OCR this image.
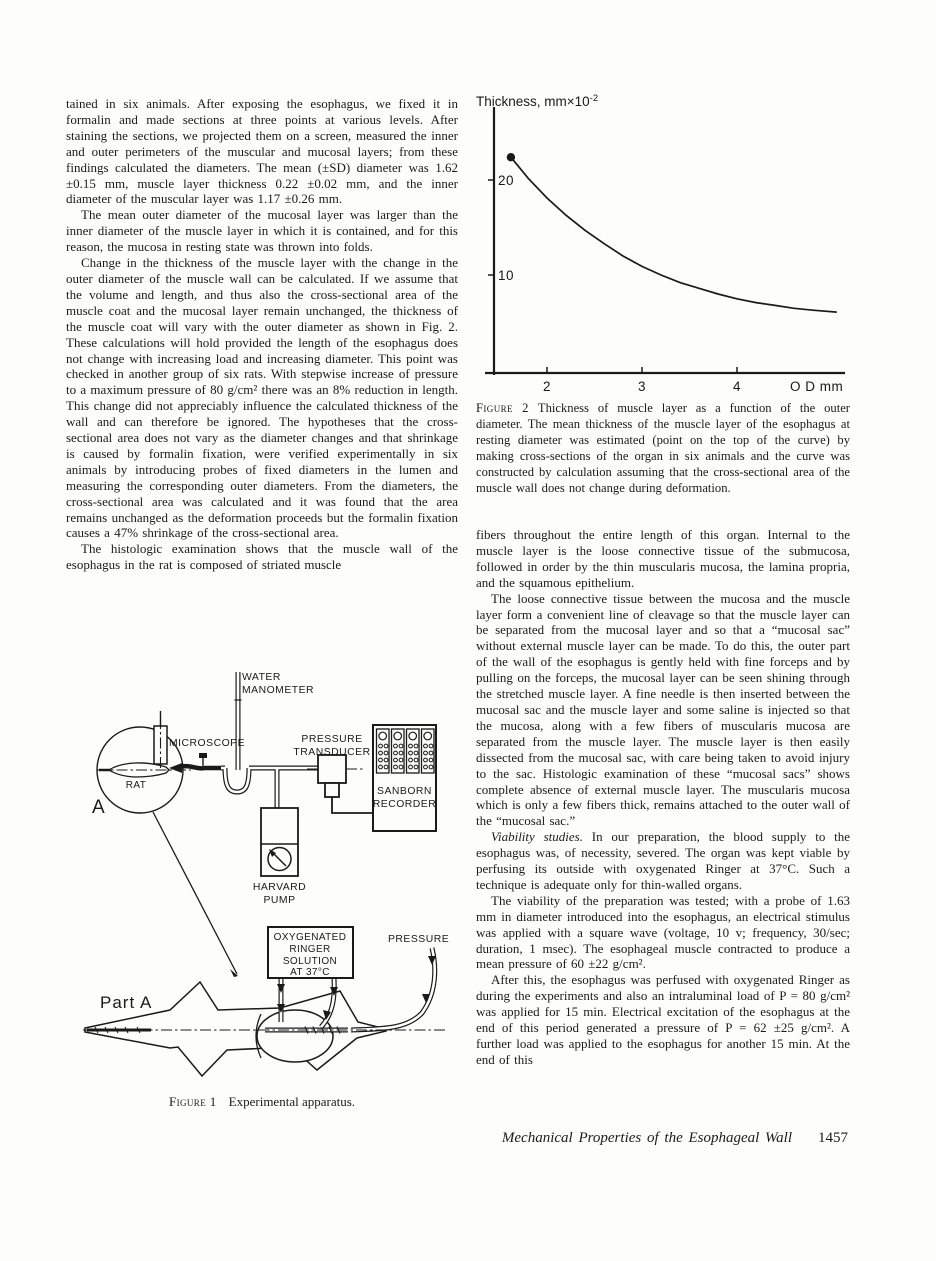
tained in six animals. After exposing the esophagus, we fixed it in formalin and made sections at three points at various levels. After staining the sections, we projected them on a screen, measured the inner and outer perimeters of the muscular and mucosal layers; from these findings calculated the diameters. The mean (±SD) diameter was 1.62 ±0.15 mm, muscle layer thickness 0.22 ±0.02 mm, and the inner diameter of the muscular layer was 1.17 ±0.26 mm.

The mean outer diameter of the mucosal layer was larger than the inner diameter of the muscle layer in which it is contained, and for this reason, the mucosa in resting state was thrown into folds.

Change in the thickness of the muscle layer with the change in the outer diameter of the muscle wall can be calculated. If we assume that the volume and length, and thus also the cross-sectional area of the muscle coat and the mucosal layer remain unchanged, the thickness of the muscle coat will vary with the outer diameter as shown in Fig. 2. These calculations will hold provided the length of the esophagus does not change with increasing load and increasing diameter. This point was checked in another group of six rats. With stepwise increase of pressure to a maximum pressure of 80 g/cm² there was an 8% reduction in length. This change did not appreciably influence the calculated thickness of the wall and can therefore be ignored. The hypotheses that the cross-sectional area does not vary as the diameter changes and that shrinkage is caused by formalin fixation, were verified experimentally in six animals by introducing probes of fixed diameters in the lumen and measuring the corresponding outer diameters. From the diameters, the cross-sectional area was calculated and it was found that the area remains unchanged as the deformation proceeds but the formalin fixation causes a 47% shrinkage of the cross-sectional area.

The histologic examination shows that the muscle wall of the esophagus in the rat is composed of striated muscle

OXYGENATED
RINGER
SOLUTION
AT 37°C
SANBORN
RECORDER
WATER
MANOMETER
MICROSCOPE
RAT
A
PRESSURE
TRANSDUCER
HARVARD
PUMP
PRESSURE
Part A
Figure 1 Experimental apparatus.
Thickness, $mm\times 10^{-2}$
20
10
2	3	4	O D mm

Figure 2 Thickness of muscle layer as a function of the outer diameter. The mean thickness of the muscle layer of the esophagus at resting diameter was estimated (point on the top of the curve) by making cross-sections of the organ in six animals and the curve was constructed by calculation assuming that the cross-sectional area of the muscle wall does not change during deformation.

fibers throughout the entire length of this organ. Internal to the muscle layer is the loose connective tissue of the submucosa, followed in order by the thin muscularis mucosa, the lamina propria, and the squamous epithelium.

The loose connective tissue between the mucosa and the muscle layer form a convenient line of cleavage so that the muscle layer can be separated from the mucosal layer and so that a “mucosal sac” without external muscle layer can be made. To do this, the outer part of the wall of the esophagus is gently held with fine forceps and by pulling on the forceps, the mucosal layer can be seen shining through the stretched muscle layer. A fine needle is then inserted between the mucosal sac and the muscle layer and some saline is injected so that the mucosa, along with a few fibers of muscularis mucosa are separated from the muscle layer. The muscle layer is then easily dissected from the mucosal sac, with care being taken to avoid injury to the sac. Histologic examination of these “mucosal sacs” shows complete absence of external muscle layer. The muscularis mucosa which is only a few fibers thick, remains attached to the outer wall of the “mucosal sac.”

Viability studies. In our preparation, the blood supply to the esophagus was, of necessity, severed. The organ was kept viable by perfusing its outside with oxygenated Ringer at 37°C. Such a technique is adequate only for thin-walled organs.

The viability of the preparation was tested; with a probe of 1.63 mm in diameter introduced into the esophagus, an electrical stimulus was applied with a square wave (voltage, 10 v; frequency, 30/sec; duration, 1 msec). The esophageal muscle contracted to produce a mean pressure of 60 ±22 g/cm².

After this, the esophagus was perfused with oxygenated Ringer as during the experiments and also an intraluminal load of P = 80 g/cm² was applied for 15 min. Electrical excitation of the esophagus at the end of this period generated a pressure of P = 62 ±25 g/cm². A further load was applied to the esophagus for another 15 min. At the end of this

Mechanical Properties of the Esophageal Wall 1457
